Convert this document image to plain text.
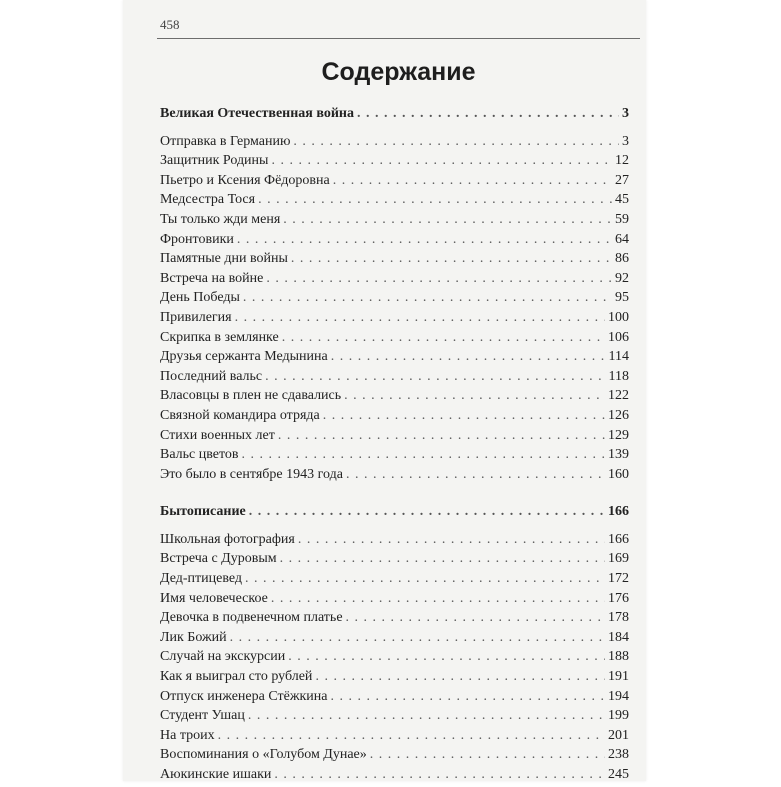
458
Содержание
Великая Отечественная война . . .	3
Отправка в Германию . . .	3
Защитник Родины . . .	12
Пьетро и Ксения Фёдоровна . . .	27
Медсестра Тося . . .	45
Ты только жди меня . . .	59
Фронтовики . . .	64
Памятные дни войны . . .	86
Встреча на войне . . .	92
День Победы . . .	95
Привилегия . . .	100
Скрипка в землянке . . .	106
Друзья сержанта Медынина . . .	114
Последний вальс . . .	118
Власовцы в плен не сдавались . . .	122
Связной командира отряда . . .	126
Стихи военных лет . . .	129
Вальс цветов . . .	139
Это было в сентябре 1943 года . . .	160
Бытописание . . .	166
Школьная фотография . . .	166
Встреча с Дуровым . . .	169
Дед-птицевед . . .	172
Имя человеческое . . .	176
Девочка в подвенечном платье . . .	178
Лик Божий . . .	184
Случай на экскурсии . . .	188
Как я выиграл сто рублей . . .	191
Отпуск инженера Стёжкина . . .	194
Студент Ушац . . .	199
На троих . . .	201
Воспоминания о «Голубом Дунае» . . .	238
Аюкинские ишаки . . .	245
